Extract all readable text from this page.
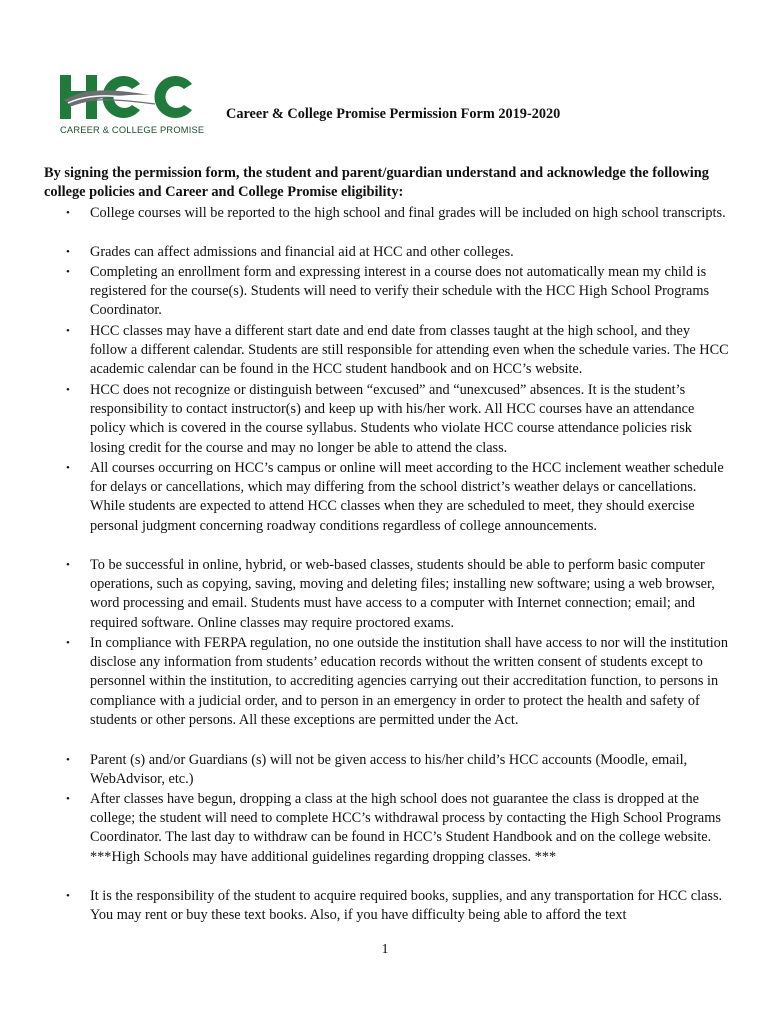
CAREER & COLLEGE PROMISE
Career & College Promise Permission Form 2019-2020
By signing the permission form, the student and parent/guardian understand and acknowledge the following college policies and Career and College Promise eligibility:
• College courses will be reported to the high school and final grades will be included on high school transcripts.
• Grades can affect admissions and financial aid at HCC and other colleges.
• Completing an enrollment form and expressing interest in a course does not automatically mean my child is registered for the course(s). Students will need to verify their schedule with the HCC High School Programs Coordinator.
• HCC classes may have a different start date and end date from classes taught at the high school, and they follow a different calendar. Students are still responsible for attending even when the schedule varies. The HCC academic calendar can be found in the HCC student handbook and on HCC’s website.
• HCC does not recognize or distinguish between “excused” and “unexcused” absences. It is the student’s responsibility to contact instructor(s) and keep up with his/her work. All HCC courses have an attendance policy which is covered in the course syllabus. Students who violate HCC course attendance policies risk losing credit for the course and may no longer be able to attend the class.
• All courses occurring on HCC’s campus or online will meet according to the HCC inclement weather schedule for delays or cancellations, which may differing from the school district’s weather delays or cancellations. While students are expected to attend HCC classes when they are scheduled to meet, they should exercise personal judgment concerning roadway conditions regardless of college announcements.
• To be successful in online, hybrid, or web-based classes, students should be able to perform basic computer operations, such as copying, saving, moving and deleting files; installing new software; using a web browser, word processing and email. Students must have access to a computer with Internet connection; email; and required software. Online classes may require proctored exams.
• In compliance with FERPA regulation, no one outside the institution shall have access to nor will the institution disclose any information from students’ education records without the written consent of students except to personnel within the institution, to accrediting agencies carrying out their accreditation function, to persons in compliance with a judicial order, and to person in an emergency in order to protect the health and safety of students or other persons. All these exceptions are permitted under the Act.
• Parent (s) and/or Guardians (s) will not be given access to his/her child’s HCC accounts (Moodle, email, WebAdvisor, etc.)
• After classes have begun, dropping a class at the high school does not guarantee the class is dropped at the college; the student will need to complete HCC’s withdrawal process by contacting the High School Programs Coordinator. The last day to withdraw can be found in HCC’s Student Handbook and on the college website. ***High Schools may have additional guidelines regarding dropping classes. ***
• It is the responsibility of the student to acquire required books, supplies, and any transportation for HCC class. You may rent or buy these text books. Also, if you have difficulty being able to afford the text
1
